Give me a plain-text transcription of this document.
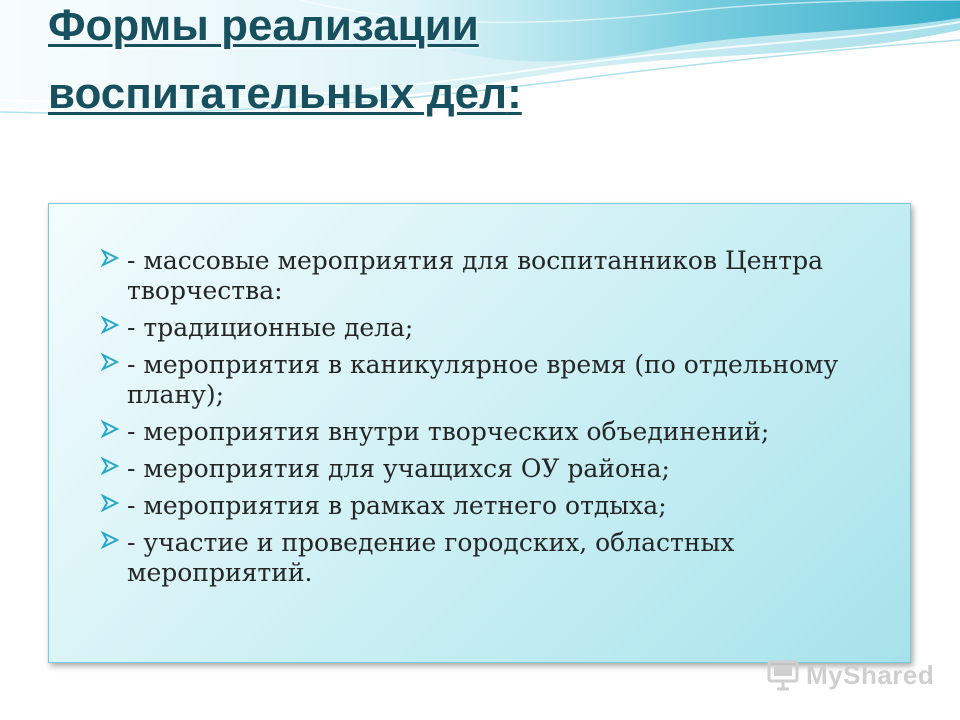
Формы реализации
воспитательных дел:
- массовые мероприятия для воспитанников Центра творчества:
- традиционные дела;
- мероприятия в каникулярное время (по отдельному плану);
- мероприятия внутри творческих объединений;
- мероприятия для учащихся ОУ района;
- мероприятия в рамках летнего отдыха;
- участие и проведение городских, областных мероприятий.
MyShared
